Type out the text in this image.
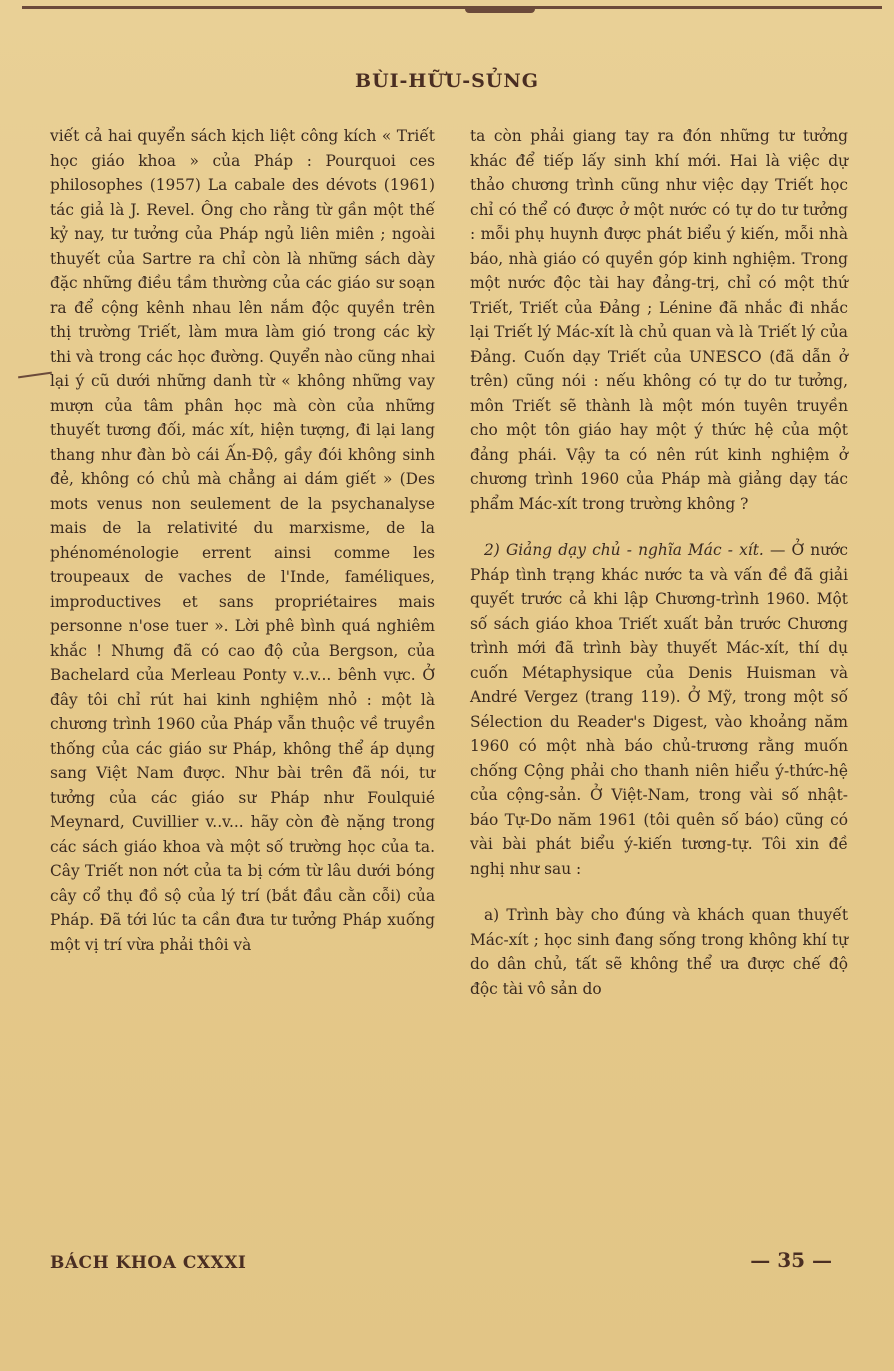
BÙI-HỮU-SỦNG

viết cả hai quyển sách kịch liệt công kích « Triết học giáo khoa » của Pháp : Pourquoi ces philosophes (1957) La cabale des dévots (1961) tác giả là J. Revel. Ông cho rằng từ gần một thế kỷ nay, tư tưởng của Pháp ngủ liên miên ; ngoài thuyết của Sartre ra chỉ còn là những sách dày đặc những điều tầm thường của các giáo sư soạn ra để cộng kênh nhau lên nắm độc quyền trên thị trường Triết, làm mưa làm gió trong các kỳ thi và trong các học đường. Quyển nào cũng nhai lại ý cũ dưới những danh từ « không những vay mượn của tâm phân học mà còn của những thuyết tương đối, mác xít, hiện tượng, đi lại lang thang như đàn bò cái Ấn-Độ, gầy đói không sinh đẻ, không có chủ mà chẳng ai dám giết » (Des mots venus non seulement de la psychanalyse mais de la relativité du marxisme, de la phénoménologie errent ainsi comme les troupeaux de vaches de l'Inde, faméliques, improductives et sans propriétaires mais personne n'ose tuer ». Lời phê bình quá nghiêm khắc ! Nhưng đã có cao độ của Bergson, của Bachelard của Merleau Ponty v..v... bênh vực. Ở đây tôi chỉ rút hai kinh nghiệm nhỏ : một là chương trình 1960 của Pháp vẫn thuộc về truyền thống của các giáo sư Pháp, không thể áp dụng sang Việt Nam được. Như bài trên đã nói, tư tưởng của các giáo sư Pháp như Foulquié Meynard, Cuvillier v..v... hãy còn đè nặng trong các sách giáo khoa và một số trường học của ta. Cây Triết non nớt của ta bị cớm từ lâu dưới bóng cây cổ thụ đồ sộ của lý trí (bắt đầu cằn cỗi) của Pháp. Đã tới lúc ta cần đưa tư tưởng Pháp xuống một vị trí vừa phải thôi và

ta còn phải giang tay ra đón những tư tưởng khác để tiếp lấy sinh khí mới. Hai là việc dự thảo chương trình cũng như việc dạy Triết học chỉ có thể có được ở một nước có tự do tư tưởng : mỗi phụ huynh được phát biểu ý kiến, mỗi nhà báo, nhà giáo có quyền góp kinh nghiệm. Trong một nước độc tài hay đảng-trị, chỉ có một thứ Triết, Triết của Đảng ; Lénine đã nhắc đi nhắc lại Triết lý Mác-xít là chủ quan và là Triết lý của Đảng. Cuốn dạy Triết của UNESCO (đã dẫn ở trên) cũng nói : nếu không có tự do tư tưởng, môn Triết sẽ thành là một món tuyên truyền cho một tôn giáo hay một ý thức hệ của một đảng phái. Vậy ta có nên rút kinh nghiệm ở chương trình 1960 của Pháp mà giảng dạy tác phẩm Mác-xít trong trường không ?

2) Giảng dạy chủ - nghĩa Mác - xít. — Ở nước Pháp tình trạng khác nước ta và vấn đề đã giải quyết trước cả khi lập Chương-trình 1960. Một số sách giáo khoa Triết xuất bản trước Chương trình mới đã trình bày thuyết Mác-xít, thí dụ cuốn Métaphysique của Denis Huisman và André Vergez (trang 119). Ở Mỹ, trong một số Sélection du Reader's Digest, vào khoảng năm 1960 có một nhà báo chủ-trương rằng muốn chống Cộng phải cho thanh niên hiểu ý-thức-hệ của cộng-sản. Ở Việt-Nam, trong vài số nhật-báo Tự-Do năm 1961 (tôi quên số báo) cũng có vài bài phát biểu ý-kiến tương-tự. Tôi xin đề nghị như sau :

a) Trình bày cho đúng và khách quan thuyết Mác-xít ; học sinh đang sống trong không khí tự do dân chủ, tất sẽ không thể ưa được chế độ độc tài vô sản do

BÁCH KHOA CXXXI	— 35 —
